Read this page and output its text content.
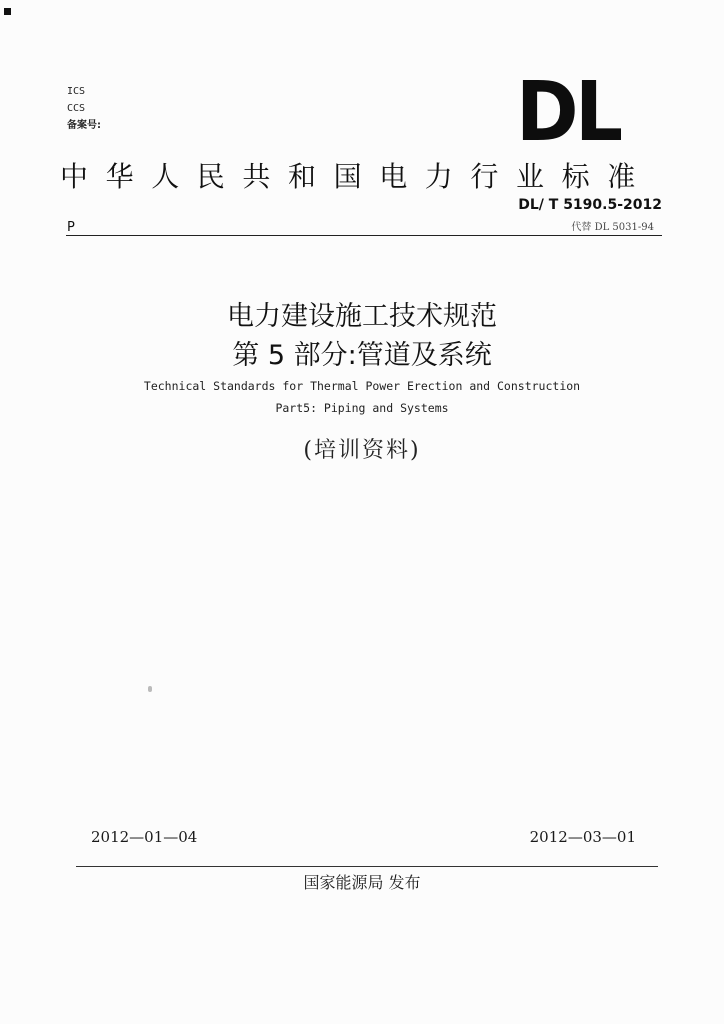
ICS
CCS
备案号:	DL
中华人民共和国电力行业标准
DL/ T 5190.5-2012
P	代替 DL 5031-94
电力建设施工技术规范
第 5 部分:管道及系统
Technical Standards for Thermal Power Erection and Construction
Part5: Piping and Systems
(培训资料)
2012—01—04	2012—03—01
国家能源局 发布
